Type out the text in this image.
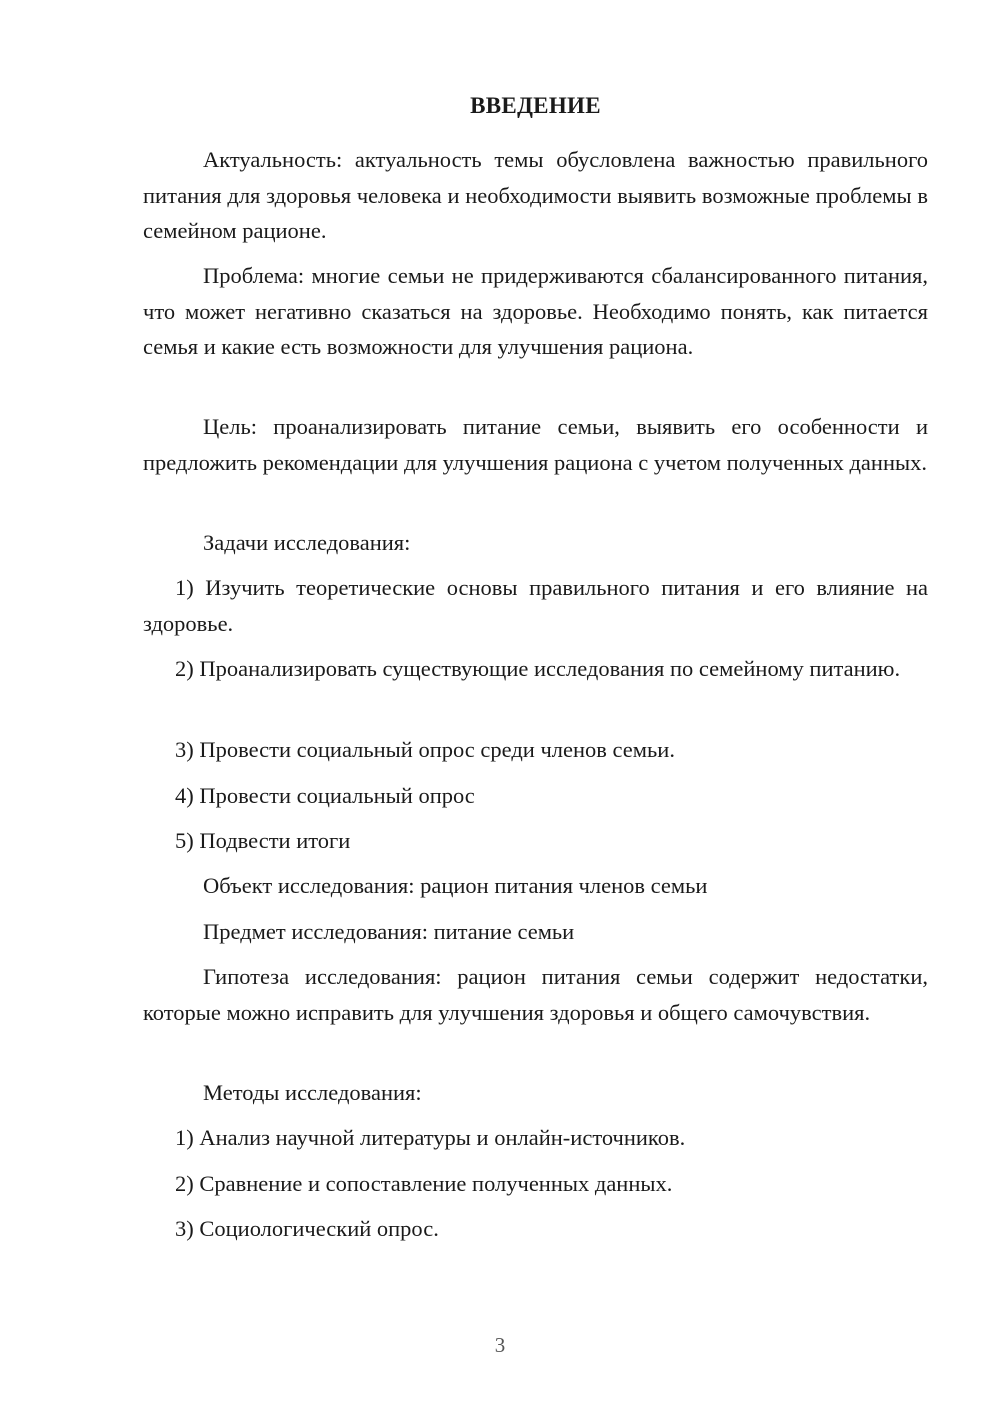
ВВЕДЕНИЕ

Актуальность: актуальность темы обусловлена важностью правильного питания для здоровья человека и необходимости выявить возможные проблемы в семейном рационе.

Проблема: многие семьи не придерживаются сбалансированного питания, что может негативно сказаться на здоровье. Необходимо понять, как питается семья и какие есть возможности для улучшения рациона.

Цель: проанализировать питание семьи, выявить его особенности и предложить рекомендации для улучшения рациона с учетом полученных данных.

Задачи исследования:

1) Изучить теоретические основы правильного питания и его влияние на здоровье.

2) Проанализировать существующие исследования по семейному питанию.

3) Провести социальный опрос среди членов семьи.

4) Провести социальный опрос

5) Подвести итоги

Объект исследования: рацион питания членов семьи

Предмет исследования: питание семьи

Гипотеза исследования: рацион питания семьи содержит недостатки, которые можно исправить для улучшения здоровья и общего самочувствия.

Методы исследования:

1) Анализ научной литературы и онлайн-источников.

2) Сравнение и сопоставление полученных данных.

3) Социологический опрос.

3
